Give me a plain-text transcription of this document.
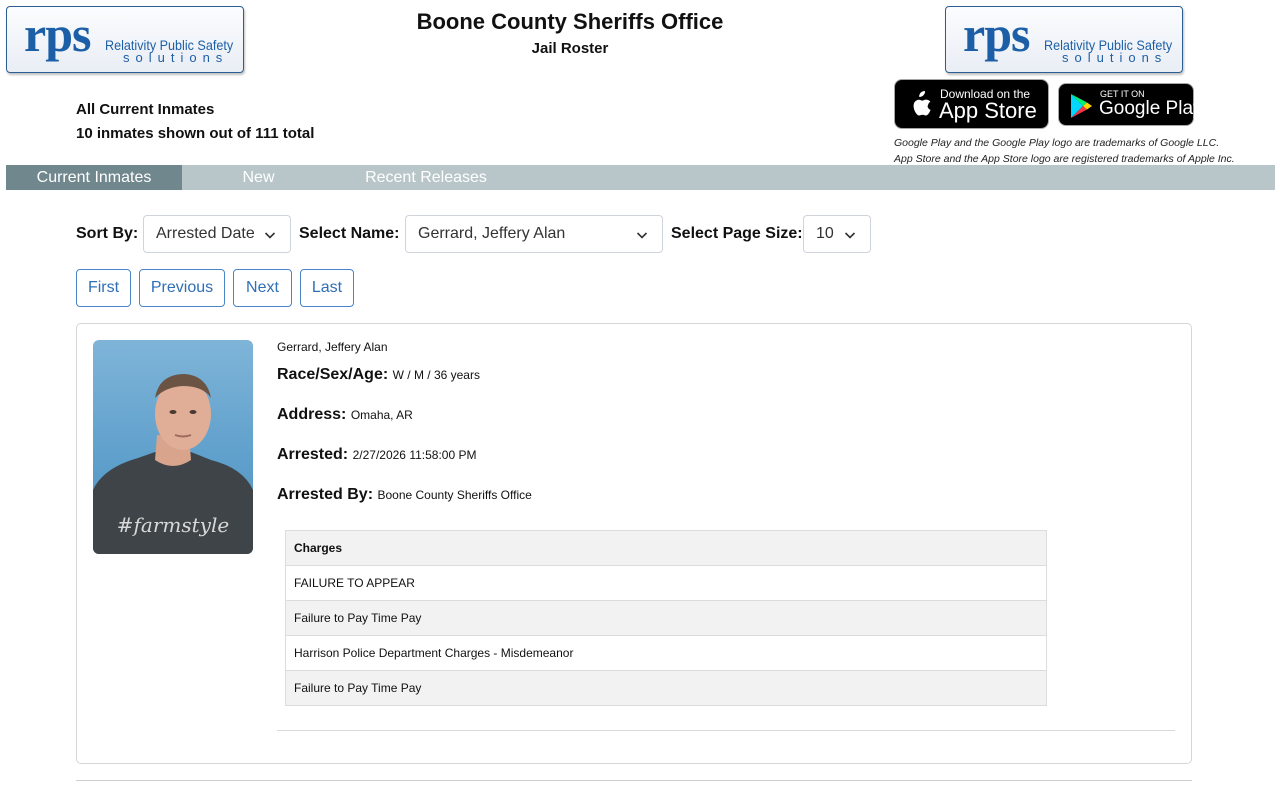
rps Relativity Public Safety
solutions	rps Relativity Public Safety
solutions
Boone County Sheriffs Office
Jail Roster
All Current Inmates
10 inmates shown out of 111 total
Download on the
App Store
GET IT ON
Google Play
Google Play and the Google Play logo are trademarks of Google LLC.
App Store and the App Store logo are registered trademarks of Apple Inc.
Current Inmates	New Inmates
Recent Releases
Sort By:	Arrested Date	Select Name:	Gerrard, Jeffery Alan	Select Page Size: 10
First	Previous	Next	Last
#farmstyle
Gerrard, Jeffery Alan
Race/Sex/Age: W / M / 36 years
Address: Omaha, AR
Arrested: 2/27/2026 11:58:00 PM
Arrested By: Boone County Sheriffs Office
Charges
FAILURE TO APPEAR
Failure to Pay Time Pay
Harrison Police Department Charges - Misdemeanor
Failure to Pay Time Pay
